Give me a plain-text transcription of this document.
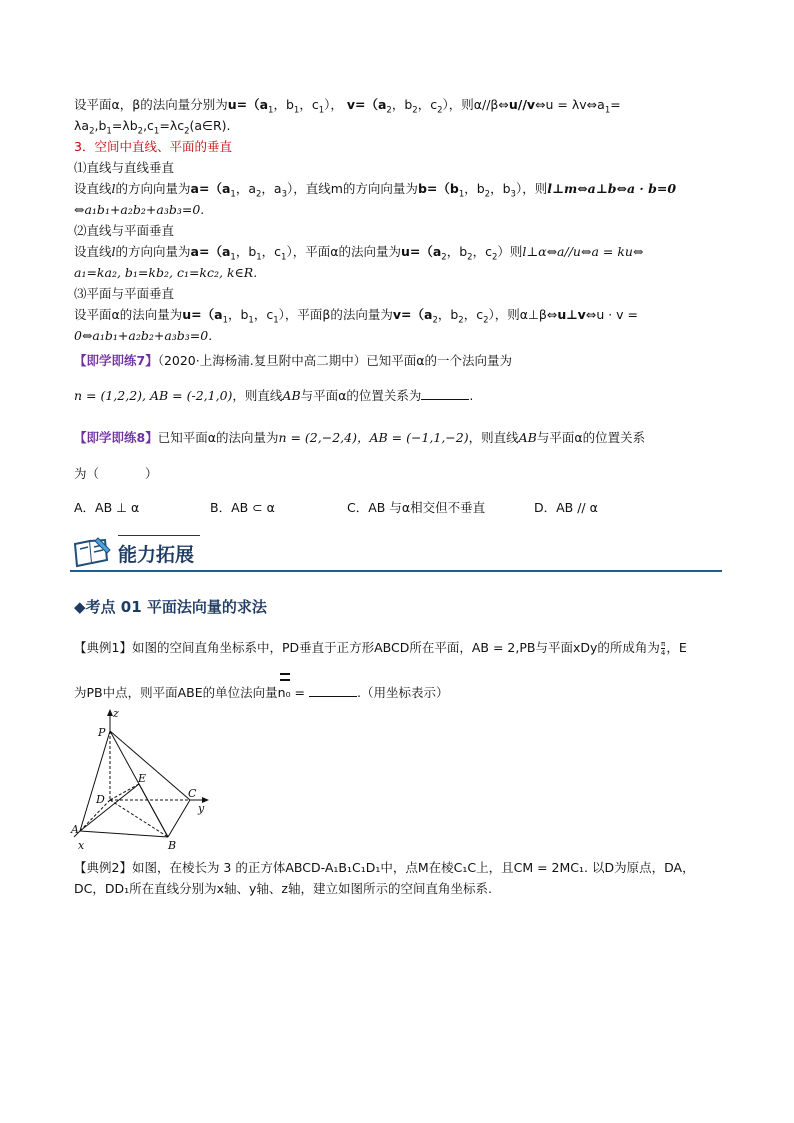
设平面α，β的法向量分别为$u=(a_1$，$b_1$，$c_1$）， $v=(a_2$，$b_2$，$c_2$），则α//β⇔u//v⇔u = $\lambda v\Leftrightarrow a_1=$
$\lambda a_2,b_1=\lambda b_2,c_1=\lambda c_2(a\in R)$.
3．空间中直线、平面的垂直
⑴直线与直线垂直
设直线l的方向向量为$a=(a_1$，$a_2$，$a_3$），直线m的方向向量为$b=(b_1$，$b_2$，$b_3$），则l⊥m⇔a⊥b⇔a · b=0
⇔a₁b₁+a₂b₂+a₃b₃=0.
⑵直线与平面垂直
设直线l的方向向量为$a=(a_1$，$b_1$，$c_1$），平面α的法向量为$u=(a_2$，$b_2$，$c_2$）则l⊥α⇔a//u⇔a = ku⇔
a₁=ka₂, b₁=kb₂, c₁=kc₂, k∈R.
⑶平面与平面垂直
设平面α的法向量为$u=(a_1$，$b_1$，$c_1$），平面β的法向量为$v=(a_2$，$b_2$，$c_2$），则α⊥β⇔u⊥v⇔u · v =
0⇔a₁b₁+a₂b₂+a₃b₃=0.
【即学即练7】（2020·上海杨浦.复旦附中高二期中）已知平面α的一个法向量为
n = (1,2,2), AB = (-2,1,0)，则直线AB与平面α的位置关系为	.
【即学即练8】已知平面α的法向量为n = (2,−2,4)，AB = (−1,1,−2)，则直线AB与平面α的位置关系
为（	）
A．AB ⊥ α	B．AB ⊂ α	C．AB 与α相交但不垂直	D．AB // α
能力拓展
◆考点 01 平面法向量的求法
【典例1】如图的空间直角坐标系中，PD垂直于正方形ABCD所在平面，AB = 2,PB与平面xDy的所成角为 $\frac{\pi}{4}$ ，E
为PB中点，则平面ABE的单位法向量
n₀ =	.（用坐标表示）
z
P
E
D	C
y
A
B
x
【典例2】如图，在棱长为 3 的正方体ABCD-A₁B₁C₁D₁中，点M在棱C₁C上，且CM = 2MC₁. 以D为原点，DA，
DC，DD₁所在直线分别为x轴、y轴、z轴，建立如图所示的空间直角坐标系.
